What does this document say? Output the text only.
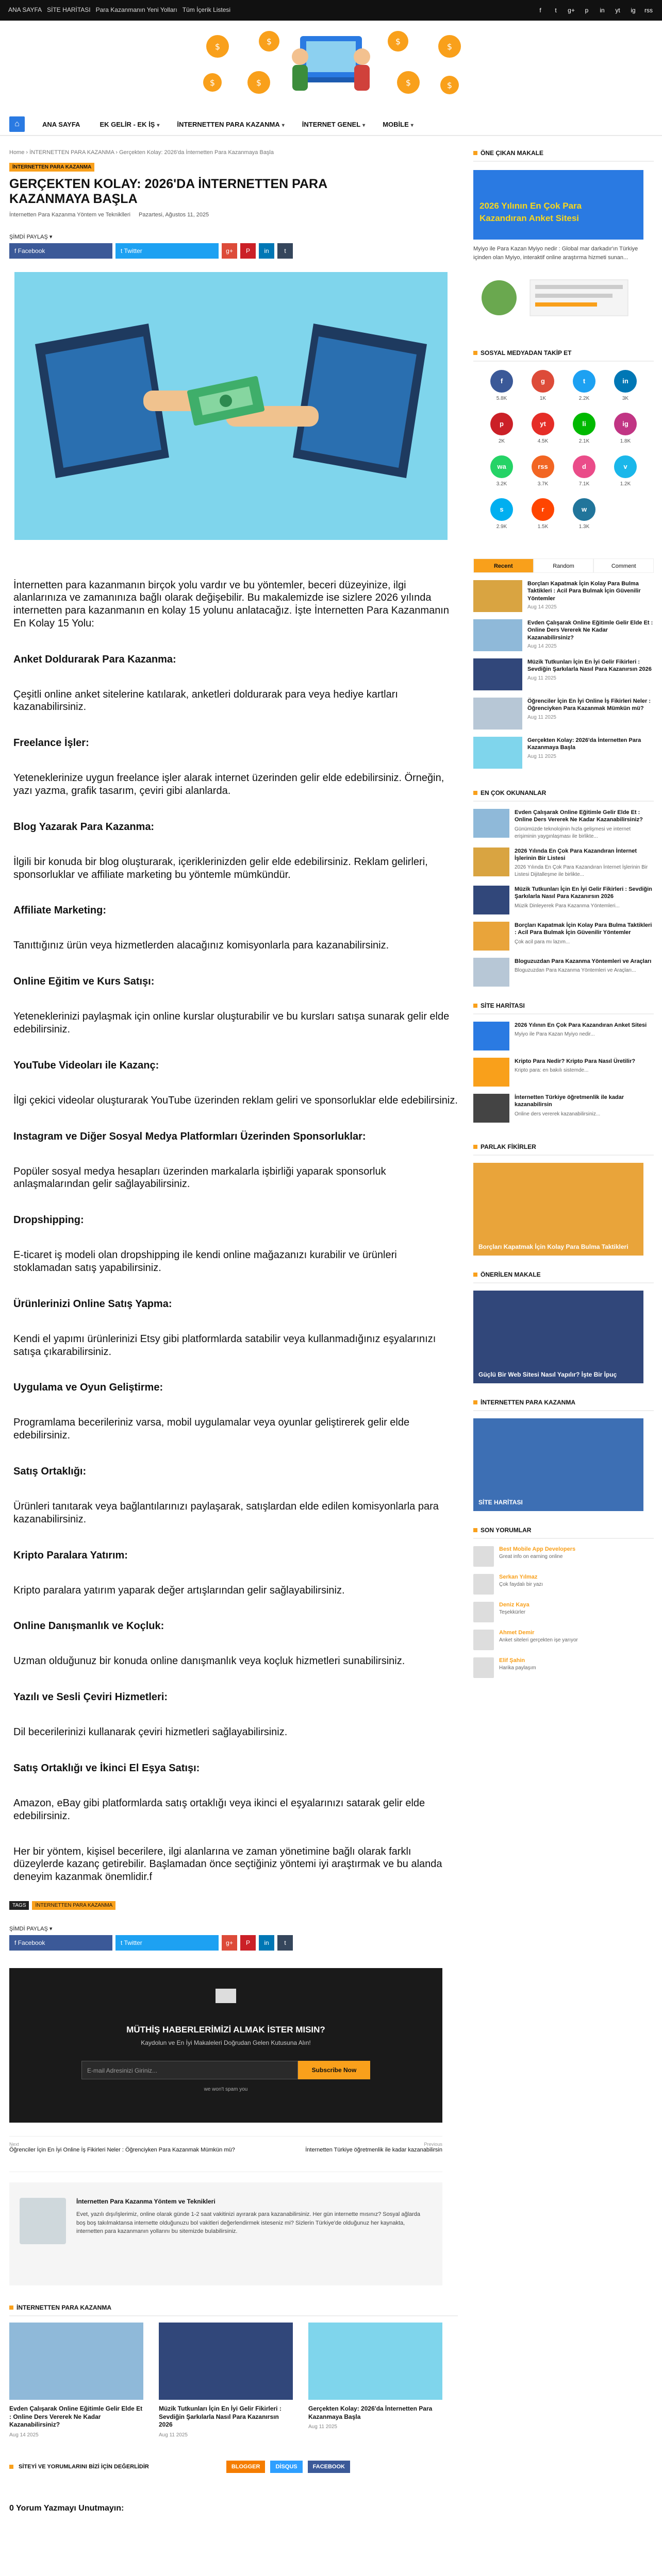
ANA SAYFA SİTE HARİTASI Para Kazanmanın Yeni Yolları Tüm İçerik Listesi	f	t	g+	p	in	yt	ig	rss
$
$
$
$
$
$
$
$
⌂	ANA SAYFA	EK GELİR - EK İŞ ▾	İNTERNETTEN PARA KAZANMA ▾	İNTERNET GENEL ▾	MOBİLE ▾
Home › İNTERNETTEN PARA KAZANMA › Gerçekten Kolay: 2026'da İnternetten Para Kazanmaya Başla
İNTERNETTEN PARA KAZANMA
GERÇEKTEN KOLAY: 2026'DA İNTERNETTEN PARA
KAZANMAYA BAŞLA
İnternetten Para Kazanma Yöntem ve Tekniklleri Pazartesi, Ağustos 11, 2025
ŞİMDİ PAYLAŞ ▾
f Facebook	t Twitter	g+	P	in	t
İnternetten para kazanmanın birçok yolu vardır ve bu yöntemler, beceri düzeyinize, ilgi alanlarınıza ve zamanınıza bağlı olarak değişebilir. Bu makalemizde ise sizlere 2026 yılında internetten para kazanmanın en kolay 15 yolunu anlatacağız. İşte İnternetten Para Kazanmanın En Kolay 15 Yolu:
Anket Doldurarak Para Kazanma:

Çeşitli online anket sitelerine katılarak, anketleri doldurarak para veya hediye kartları kazanabilirsiniz.

Freelance İşler:

Yeteneklerinize uygun freelance işler alarak internet üzerinden gelir elde edebilirsiniz. Örneğin, yazı yazma, grafik tasarım, çeviri gibi alanlarda.

Blog Yazarak Para Kazanma:

İlgili bir konuda bir blog oluşturarak, içeriklerinizden gelir elde edebilirsiniz. Reklam gelirleri, sponsorluklar ve affiliate marketing bu yöntemle mümkündür.

Affiliate Marketing:

Tanıttığınız ürün veya hizmetlerden alacağınız komisyonlarla para kazanabilirsiniz.

Online Eğitim ve Kurs Satışı:

Yeteneklerinizi paylaşmak için online kurslar oluşturabilir ve bu kursları satışa sunarak gelir elde edebilirsiniz.

YouTube Videoları ile Kazanç:

İlgi çekici videolar oluşturarak YouTube üzerinden reklam geliri ve sponsorluklar elde edebilirsiniz.

Instagram ve Diğer Sosyal Medya Platformları Üzerinden Sponsorluklar:

Popüler sosyal medya hesapları üzerinden markalarla işbirliği yaparak sponsorluk anlaşmalarından gelir sağlayabilirsiniz.

Dropshipping:

E-ticaret iş modeli olan dropshipping ile kendi online mağazanızı kurabilir ve ürünleri stoklamadan satış yapabilirsiniz.

Ürünlerinizi Online Satış Yapma:

Kendi el yapımı ürünlerinizi Etsy gibi platformlarda satabilir veya kullanmadığınız eşyalarınızı satışa çıkarabilirsiniz.

Uygulama ve Oyun Geliştirme:

Programlama becerileriniz varsa, mobil uygulamalar veya oyunlar geliştirerek gelir elde edebilirsiniz.

Satış Ortaklığı:

Ürünleri tanıtarak veya bağlantılarınızı paylaşarak, satışlardan elde edilen komisyonlarla para kazanabilirsiniz.

Kripto Paralara Yatırım:

Kripto paralara yatırım yaparak değer artışlarından gelir sağlayabilirsiniz.

Online Danışmanlık ve Koçluk:

Uzman olduğunuz bir konuda online danışmanlık veya koçluk hizmetleri sunabilirsiniz.

Yazılı ve Sesli Çeviri Hizmetleri:

Dil becerilerinizi kullanarak çeviri hizmetleri sağlayabilirsiniz.

Satış Ortaklığı ve İkinci El Eşya Satışı:

Amazon, eBay gibi platformlarda satış ortaklığı veya ikinci el eşyalarınızı satarak gelir elde edebilirsiniz.

Her bir yöntem, kişisel becerilere, ilgi alanlarına ve zaman yönetimine bağlı olarak farklı düzeylerde kazanç getirebilir. Başlamadan önce seçtiğiniz yöntemi iyi araştırmak ve bu alanda deneyim kazanmak önemlidir.f

TAGS	İNTERNETTEN PARA KAZANMA
ŞİMDİ PAYLAŞ ▾
f Facebook	t Twitter	g+	P	in	t
MÜTHİŞ HABERLERİMİZİ ALMAK İSTER MISIN?
Kaydolun ve En İyi Makaleleri Doğrudan Gelen Kutusuna Alın!
E-mail Adresinizi Giriniz...	Subscribe Now
we won't spam you
Next
Öğrenciler İçin En İyi Online İş Fikirleri Neler : Öğrenciyken Para Kazanmak Mümkün mü?
Previous
İnternetten Türkiye öğretmenlik ile kadar kazanabilirsin
İnternetten Para Kazanma Yöntem ve Teknikleri
Evet, yazılı dışı/işlerimiz, online olarak günde 1-2 saat vakitinizi ayırarak para kazanabilirsiniz. Her gün internette mısınız? Sosyal ağlarda boş boş takılmaktansa internette olduğunuzu bol vakitleri değerlendirmek isteseniz mi? Sizlerin Türkiye'de olduğunuz her kaynakta, internetten para kazanmanın yollarını bu sitemizde bulabilirsiniz.
İNTERNETTEN PARA KAZANMA
Evden Çalışarak Online Eğitimle Gelir Elde Et : Online Ders Vererek Ne Kadar Kazanabilirsiniz?
Aug 14 2025
Müzik Tutkunları İçin En İyi Gelir Fikirleri : Sevdiğin Şarkılarla Nasıl Para Kazanırsın 2026
Aug 11 2025
Gerçekten Kolay: 2026'da İnternetten Para Kazanmaya Başla
Aug 11 2025
SİTEYİ VE YORUMLARINI BİZİ İÇİN DEĞERLİDİR	BLOGGER	DİSQUS	FACEBOOK
0 Yorum Yazmayı Unutmayın:
ÖNE ÇIKAN MAKALE
2026 Yılının En Çok Para
Kazandıran Anket Sitesi
Myiyo ile Para Kazan Myiyo nedir : Global mar darkadır'ın Türkiye içinden olan Myiyo, interaktif online araştırma hizmeti sunan...
SOSYAL MEDYADAN TAKİP ET
f
5.8K
g
1K
t
2.2K
in
3K
p
2K
yt
4.5K
li
2.1K
ig
1.8K
wa
3.2K
rss
3.7K
d
7.1K
v
1.2K
s
2.9K
r
1.5K
w
1.3K
Recent	Random	Comment
Borçları Kapatmak İçin Kolay Para Bulma Taktikleri : Acil Para Bulmak İçin Güvenilir Yöntemler
Aug 14 2025
Evden Çalışarak Online Eğitimle Gelir Elde Et : Online Ders Vererek Ne Kadar Kazanabilirsiniz?
Aug 14 2025
Müzik Tutkunları İçin En İyi Gelir Fikirleri : Sevdiğin Şarkılarla Nasıl Para Kazanırsın 2026
Aug 11 2025
Öğrenciler İçin En İyi Online İş Fikirleri Neler : Öğrenciyken Para Kazanmak Mümkün mü?
Aug 11 2025
Gerçekten Kolay: 2026'da İnternetten Para Kazanmaya Başla
Aug 11 2025
EN ÇOK OKUNANLAR
Evden Çalışarak Online Eğitimle Gelir Elde Et : Online Ders Vererek Ne Kadar Kazanabilirsiniz?
Günümüzde teknolojinin hızla gelişmesi ve internet erişiminin yaygınlaşması ile birlikte...
2026 Yılında En Çok Para Kazandıran İnternet İşlerinin Bir Listesi
2026 Yılında En Çok Para Kazandıran İnternet İşlerinin Bir Listesi Dijitalleşme ile birlikte...
Müzik Tutkunları İçin En İyi Gelir Fikirleri : Sevdiğin Şarkılarla Nasıl Para Kazanırsın 2026
Müzik Dinleyerek Para Kazanma Yöntemleri...
Borçları Kapatmak İçin Kolay Para Bulma Taktikleri : Acil Para Bulmak İçin Güvenilir Yöntemler
Çok acil para mı lazım...
Bloguzuzdan Para Kazanma Yöntemleri ve Araçları
Bloguzuzdan Para Kazanma Yöntemleri ve Araçları...
SİTE HARİTASI
2026 Yılının En Çok Para Kazandıran Anket Sitesi
Myiyo ile Para Kazan Myiyo nedir...
Kripto Para Nedir? Kripto Para Nasıl Üretilir?
Kripto para: en bakılı sistemde...
İnternetten Türkiye öğretmenlik ile kadar kazanabilirsin
Online ders vererek kazanabilirsiniz...
PARLAK FİKİRLER
Borçları Kapatmak İçin Kolay Para Bulma Taktikleri
ÖNERİLEN MAKALE
Güçlü Bir Web Sitesi Nasıl Yapılır? İşte Bir İpuç
İNTERNETTEN PARA KAZANMA
SİTE HARİTASI
SON YORUMLAR
Best Mobile App Developers
Great info on earning online
Serkan Yılmaz
Çok faydalı bir yazı
Deniz Kaya
Teşekkürler
Ahmet Demir
Anket siteleri gerçekten işe yarıyor
Elif Şahin
Harika paylaşım
